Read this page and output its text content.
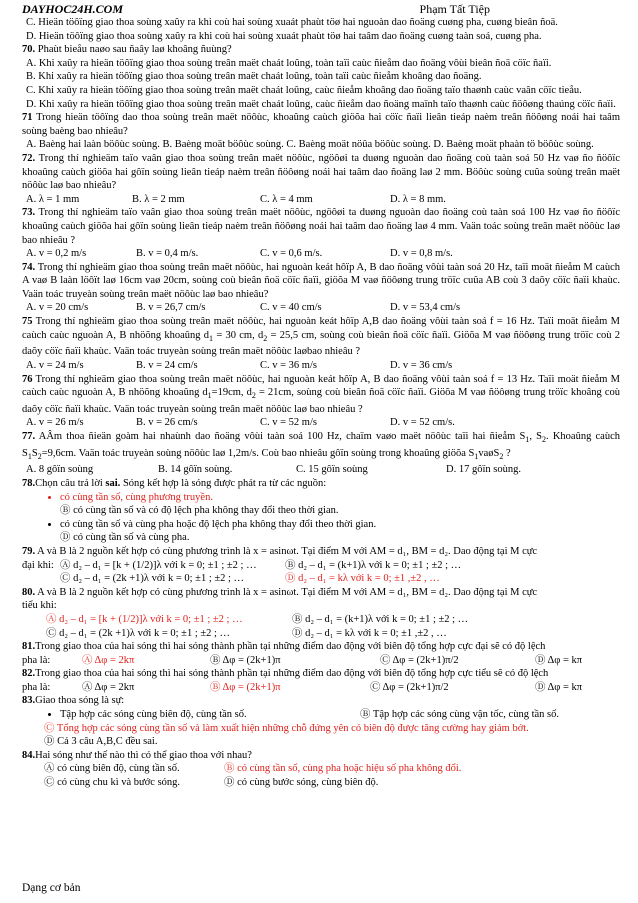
DAYHOC24H.COM	Phạm Tất Tiệp

C. Hieän töôïng giao thoa soùng xaûy ra khi coù hai soùng xuaát phaùt töø hai nguoàn dao ñoäng cuøng pha, cuøng bieân ñoä.

D. Hieän töôïng giao thoa soùng xaûy ra khi coù hai soùng xuaát phaùt töø hai taâm dao ñoäng cuøng taàn soá, cuøng pha.

70. Phaùt bieåu naøo sau ñaây laø khoâng ñuùng?

A. Khi xaûy ra hieän töôïng giao thoa soùng treân maët chaát loûng, toàn taïi caùc ñieåm dao ñoäng vôùi bieân ñoä cöïc ñaïi.

B. Khi xaûy ra hieän töôïng giao thoa soùng treân maët chaát loûng, toàn taïi caùc ñieåm khoâng dao ñoäng.

C. Khi xaûy ra hieän töôïng giao thoa soùng treân maët chaát loûng, caùc ñieåm khoâng dao ñoäng taïo thaønh caùc vaân cöïc tieåu.

D. Khi xaûy ra hieän töôïng giao thoa soùng treân maët chaát loûng, caùc ñieåm dao ñoäng maïnh taïo thaønh caùc ñöôøng thaúng cöïc ñaïi.

71 Trong hieän töôïng dao thoa soùng treân maët nöôùc, khoaûng caùch giöõa hai cöïc ñaïi lieân tieáp naèm treân ñöôøng noái hai taâm soùng baèng bao nhieâu?

A. Baèng hai laàn böôùc soùng. B. Baèng moät böôùc soùng. C. Baèng moät nöûa böôùc soùng. D. Baèng moät phaàn tö böôùc soùng.

72. Trong thí nghieäm taïo vaân giao thoa soùng treân maët nöôùc, ngöôøi ta duøng nguoàn dao ñoäng coù taàn soá 50 Hz vaø ño ñöôïc khoaûng caùch giöõa hai gôïn soùng lieân tieáp naèm treân ñöôøng noái hai taâm dao ñoäng laø 2 mm. Böôùc soùng cuûa soùng treân maët nöôùc laø bao nhieâu?

A. λ = 1 mm	B. λ = 2 mm	C. λ = 4 mm	D. λ = 8 mm.

73. Trong thí nghieäm taïo vaân giao thoa soùng treân maët nöôùc, ngöôøi ta duøng nguoàn dao ñoäng coù taàn soá 100 Hz vaø ño ñöôïc khoaûng caùch giöõa hai gôïn soùng lieân tieáp naèm treân ñöôøng noái hai taâm dao ñoäng laø 4 mm. Vaän toác soùng treân maët nöôùc laø bao nhieâu ?

A. v = 0,2 m/s	B. v = 0,4 m/s.	C. v = 0,6 m/s.	D. v = 0,8 m/s.

74. Trong thí nghieäm giao thoa soùng treân maët nöôùc, hai nguoàn keát hôïp A, B dao ñoäng vôùi taàn soá 20 Hz, taïi moät ñieåm M caùch A vaø B laàn löôït laø 16cm vaø 20cm, soùng coù bieân ñoä cöïc ñaïi, giöõa M vaø ñöôøng trung tröïc cuûa AB coù 3 daõy cöïc ñaïi khaùc. Vaän toác truyeàn soùng treân maët nöôùc laø bao nhieâu?

A. v = 20 cm/s	B. v = 26,7 cm/s	C. v = 40 cm/s	D. v = 53,4 cm/s

75 Trong thí nghieäm giao thoa soùng treân maët nöôùc, hai nguoàn keát hôïp A,B dao ñoäng vôùi taàn soá f = 16 Hz. Taïi moät ñieåm M caùch caùc nguoàn A, B nhöõng khoaûng $d_1 = 30$ cm, $d_2 = 25,5$ cm, soùng coù bieân ñoä cöïc ñaïi. Giöõa M vaø ñöôøng trung tröïc coù 2 daõy cöïc ñaïi khaùc. Vaän toác truyeàn soùng treân maët nöôùc laøbao nhieâu ?

A. v = 24 m/s	B. v = 24 cm/s	C. v = 36 m/s	D. v = 36 cm/s

76 Trong thí nghieäm giao thoa soùng treân maët nöôùc, hai nguoàn keát hôïp A, B dao ñoäng vôùi taàn soá f = 13 Hz. Taïi moät ñieåm M caùch caùc nguoàn A, B nhöõng khoaûng $d_1=19cm$, $d_2 = 21cm$, soùng coù bieân ñoä cöïc ñaïi. Giöõa M vaø ñöôøng trung tröïc khoâng coù daõy cöïc ñaïi khaùc. Vaän toác truyeàn soùng treân maët nöôùc laø bao nhieâu ?

A. v = 26 m/s	B. v = 26 cm/s	C. v = 52 m/s	D. v = 52 cm/s.

77. AÂm thoa ñieän goàm hai nhaùnh dao ñoäng vôùi taàn soá 100 Hz, chaïm vaøo maët nöôùc taïi hai ñieåm $S_1$, $S_2$. Khoaûng caùch $S_1S_2=9,6cm$. Vaän toác truyeàn soùng nöôùc laø 1,2m/s. Coù bao nhieâu gôïn soùng trong khoaûng giöõa $S_1vaøS_2$ ?

A. 8 gôïn soùng	B. 14 gôïn soùng.	C. 15 gôïn soùng	D. 17 gôïn soùng.

78.Chọn câu trả lời sai. Sóng kết hợp là sóng được phát ra từ các nguồn:

• có cùng tần số, cùng phương truyền.

Ⓑ có cùng tần số và có độ lệch pha không thay đổi theo thời gian.

• có cùng tần số và cùng pha hoặc độ lệch pha không thay đổi theo thời gian.

Ⓓ có cùng tần số và cùng pha.

79. A và B là 2 nguồn kết hợp có cùng phương trình là x = asinωt. Tại điểm M với AM = d₁, BM = d₂. Dao động tại M cực

đại khi: Ⓐ d₂ – d₁ = [k + (1/2)]λ với k = 0; ±1 ; ±2 ; …	Ⓑ d₂ – d₁ = (k+1)λ với k = 0; ±1 ; ±2 ; …
Ⓒ d₂ – d₁ = (2k +1)λ với k = 0; ±1 ; ±2 ; …	Ⓓ d₂ – d₁ = kλ với k = 0; ±1 ,±2 , …

80. A và B là 2 nguồn kết hợp có cùng phương trình là x = asinωt. Tại điểm M với AM = d₁, BM = d₂. Dao động tại M cực

tiểu khi:

Ⓐ d₂ – d₁ = [k + (1/2)]λ với k = 0; ±1 ; ±2 ; …	Ⓑ d₂ – d₁ = (k+1)λ với k = 0; ±1 ; ±2 ; …
Ⓒ d₂ – d₁ = (2k +1)λ với k = 0; ±1 ; ±2 ; …	Ⓓ d₂ – d₁ = kλ với k = 0; ±1 ,±2 , …

81.Trong giao thoa của hai sóng thì hai sóng thành phần tại những điểm dao động với biên độ tổng hợp cực đại sẽ có độ lệch

pha là:	Ⓐ Δφ = 2kπ	Ⓑ Δφ = (2k+1)π	Ⓒ Δφ = (2k+1)π/2	Ⓓ Δφ = kπ

82.Trong giao thoa của hai sóng thì hai sóng thành phần tại những điểm dao động với biên độ tổng hợp cực tiểu sẽ có độ lệch

pha là:	Ⓐ Δφ = 2kπ	Ⓑ Δφ = (2k+1)π	Ⓒ Δφ = (2k+1)π/2	Ⓓ Δφ = kπ

83.Giao thoa sóng là sự:

• Tập hợp các sóng cùng biên độ, cùng tần số.	Ⓑ Tập hợp các sóng cùng vận tốc, cùng tần số.

Ⓒ Tổng hợp các sóng cùng tần số và làm xuất hiện những chỗ đứng yên có biên độ được tăng cường hay giảm bớt.

Ⓓ Cả 3 câu A,B,C đều sai.

84.Hai sóng như thế nào thì có thể giao thoa với nhau?

Ⓐ có cùng biên độ, cùng tần số.	Ⓑ có cùng tần số, cùng pha hoặc hiệu số pha không đổi.
Ⓒ có cùng chu kì và bước sóng.	Ⓓ có cùng bước sóng, cùng biên độ.
Dạng cơ bản
